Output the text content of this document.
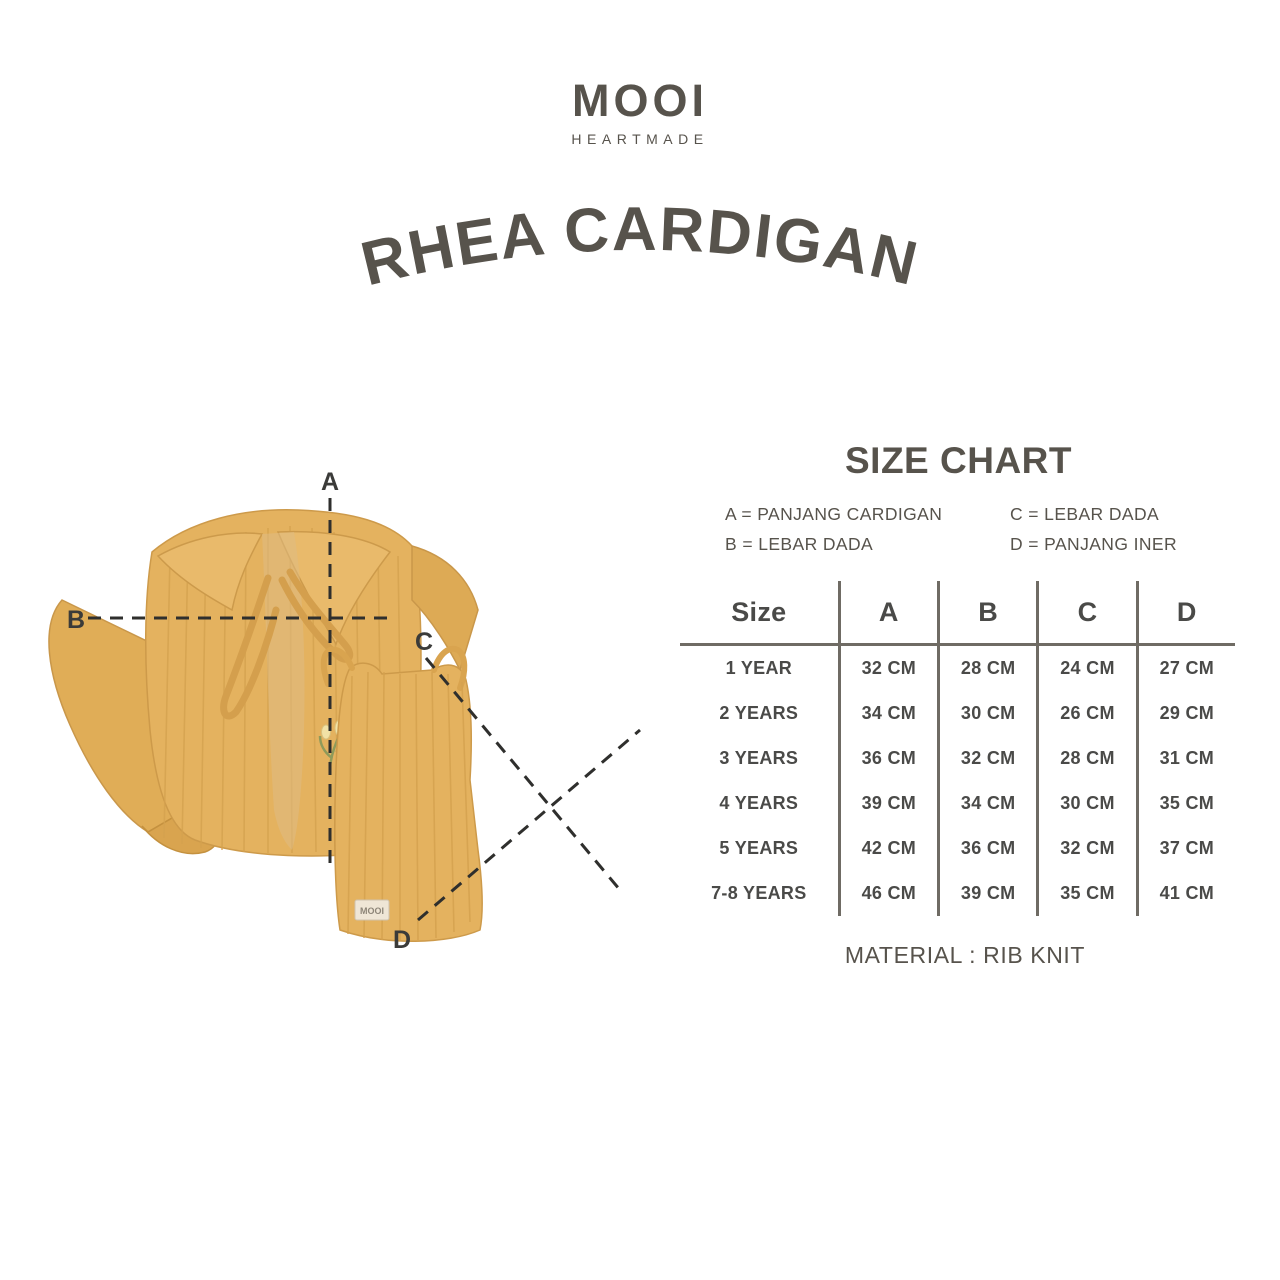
MOOI
HEARTMADE
RHEA CARDIGAN
MOOI
A
B
C
D
SIZE CHART
A = PANJANG CARDIGAN	C = LEBAR DADA
B = LEBAR DADA	D = PANJANG INER
Size	A	B	C	D
1 YEAR	32 CM	28 CM	24 CM	27 CM
2 YEARS	34 CM	30 CM	26 CM	29 CM
3 YEARS	36 CM	32 CM	28 CM	31 CM
4 YEARS	39 CM	34 CM	30 CM	35 CM
5 YEARS	42 CM	36 CM	32 CM	37 CM
7-8 YEARS	46 CM	39 CM	35 CM	41 CM
MATERIAL : RIB KNIT
